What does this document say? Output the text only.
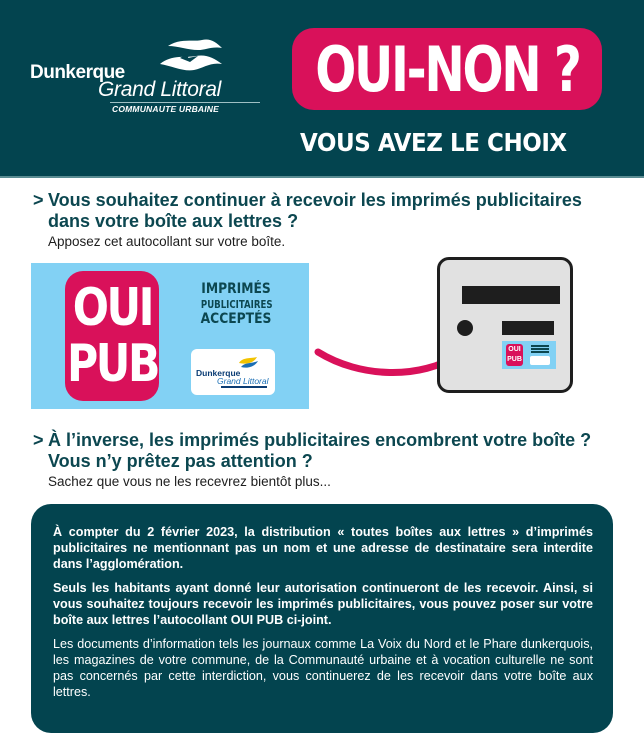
Dunkerque
Grand Littoral
COMMUNAUTE URBAINE
OUI-NON ?
VOUS AVEZ LE CHOIX
> Vous souhaitez continuer à recevoir les imprimés publicitaires dans votre boîte aux lettres ?
Apposez cet autocollant sur votre boîte.
OUI
PUB
IMPRIMÉS
PUBLICITAIRES
ACCEPTÉS
Dunkerque
Grand Littoral
OUI
PUB
> À l’inverse, les imprimés publicitaires encombrent votre boîte ? Vous n’y prêtez pas attention ?
Sachez que vous ne les recevrez bientôt plus...

À compter du 2 février 2023, la distribution « toutes boîtes aux lettres » d’imprimés publicitaires ne mentionnant pas un nom et une adresse de destinataire sera interdite dans l’agglomération.

Seuls les habitants ayant donné leur autorisation continueront de les recevoir. Ainsi, si vous souhaitez toujours recevoir les imprimés publicitaires, vous pouvez poser sur votre boîte aux lettres l’autocollant OUI PUB ci-joint.

Les documents d’information tels les journaux comme La Voix du Nord et le Phare dunkerquois, les magazines de votre commune, de la Communauté urbaine et à vocation culturelle ne sont pas concernés par cette interdiction, vous continuerez de les recevoir dans votre boîte aux lettres.
